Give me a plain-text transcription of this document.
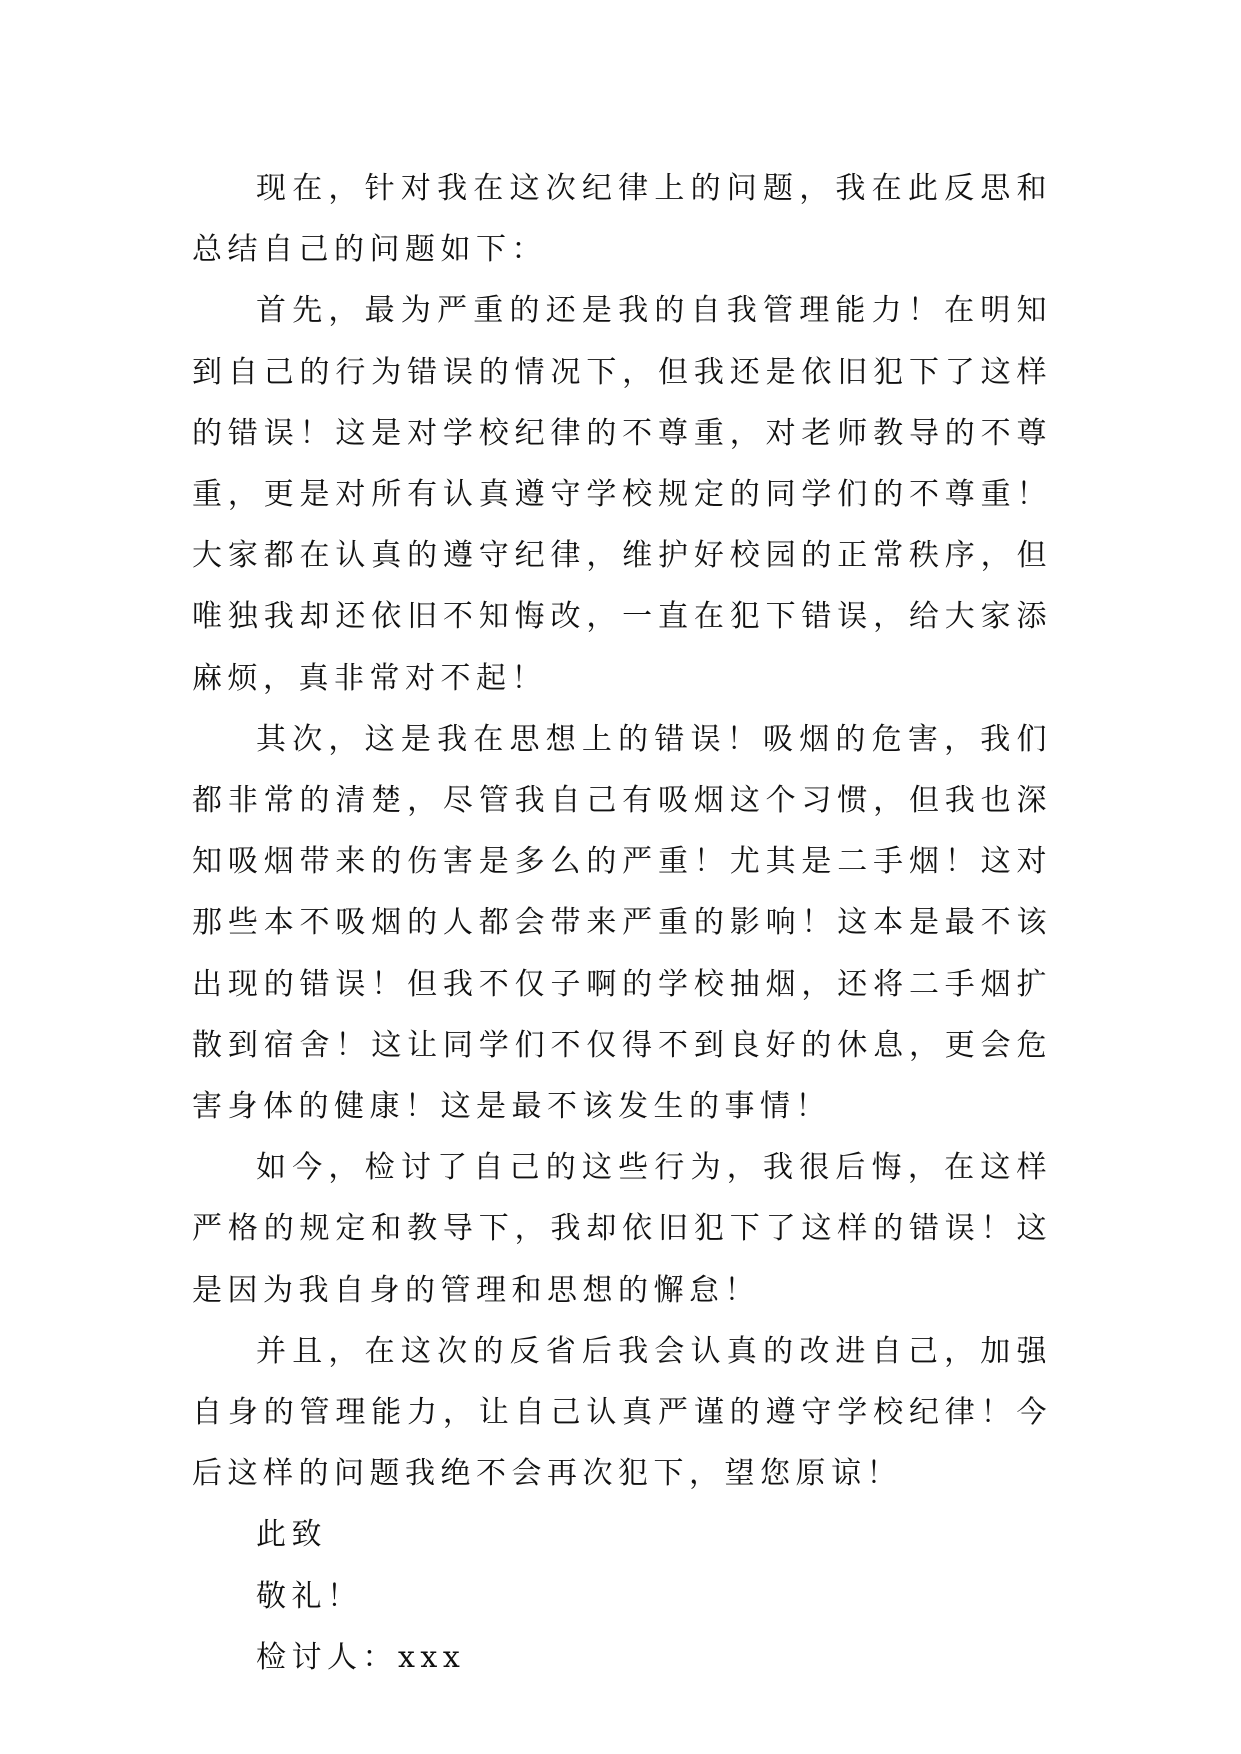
现在，针对我在这次纪律上的问题，我在此反思和总结自己的问题如下：

首先，最为严重的还是我的自我管理能力！在明知到自己的行为错误的情况下，但我还是依旧犯下了这样的错误！这是对学校纪律的不尊重，对老师教导的不尊重，更是对所有认真遵守学校规定的同学们的不尊重！大家都在认真的遵守纪律，维护好校园的正常秩序，但唯独我却还依旧不知悔改，一直在犯下错误，给大家添麻烦，真非常对不起！

其次，这是我在思想上的错误！吸烟的危害，我们都非常的清楚，尽管我自己有吸烟这个习惯，但我也深知吸烟带来的伤害是多么的严重！尤其是二手烟！这对那些本不吸烟的人都会带来严重的影响！这本是最不该出现的错误！但我不仅子啊的学校抽烟，还将二手烟扩散到宿舍！这让同学们不仅得不到良好的休息，更会危害身体的健康！这是最不该发生的事情！

如今，检讨了自己的这些行为，我很后悔，在这样严格的规定和教导下，我却依旧犯下了这样的错误！这是因为我自身的管理和思想的懈怠！

并且，在这次的反省后我会认真的改进自己，加强自身的管理能力，让自己认真严谨的遵守学校纪律！今后这样的问题我绝不会再次犯下，望您原谅！

此致

敬礼！

检讨人：xxx
